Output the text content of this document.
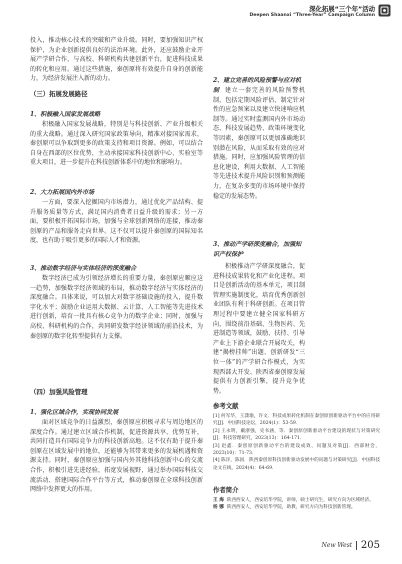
深化拓展“三个年”活动
Deepen Shaanxi “Three-Year” Campaign Column

投入，推动核心技术的突破和产业升级。同时，要加强知识产权保护，为企业创新提供良好的法治环境。此外，还应鼓励企业开展产学研合作，与高校、科研机构共建创新平台，促进科技成果的转化和应用。通过这些措施，秦创原将有效提升自身的创新能力，为经济发展注入新的动力。

（三）拓展发展路径

1、积极融入国家发展战略

积极融入国家发展战略，特别是与科技创新、产业升级相关的重大战略。通过深入研究国家政策导向，精准对接国家需求，秦创原可以争取到更多的政策支持和项目资源。例如，可以结合自身在西部的区位优势，主动承接国家科技创新中心、实验室等重大项目，进一步提升在科技创新体系中的地位和影响力。

2、大力拓展国内外市场

一方面，要深入挖掘国内市场潜力，通过优化产品结构、提升服务质量等方式，满足国内消费者日益升级的需求；另一方面，要积极开拓国际市场，加强与全球创新网络的连接，推动秦创原的产品和服务走向世界。这不仅可以提升秦创原的国际知名度，也有助于吸引更多的国际人才和资源。

3、推动数字经济与实体经济的深度融合

数字经济已成为引领经济增长的重要力量，秦创原应顺应这一趋势，加强数字经济领域的布局，推动数字经济与实体经济的深度融合。具体来说，可以加大对数字基础设施的投入，提升数字化水平；鼓励企业运用大数据、云计算、人工智能等先进技术进行创新，培育一批具有核心竞争力的数字企业；同时，加强与高校、科研机构的合作，共同研发数字经济领域的前沿技术，为秦创原的数字化转型提供有力支撑。

（四）加强风险管理

1、强化区域合作，实现协同发展

面对区域竞争的日益激烈，秦创原应积极寻求与周边地区的深度合作。通过建立区域合作机制，促进资源共享、优势互补，共同打造具有国际竞争力的科技创新高地。这不仅有助于提升秦创原在区域发展中的地位，还能够为其带来更多的发展机遇和资源支持。同时，秦创原应加强与国内外其他科技创新中心的交流合作，积极引进先进经验，拓宽发展视野，通过举办国际科技交流活动、搭建国际合作平台等方式，推动秦创原在全球科技创新网络中发挥更大的作用。

2、建立完善的风险预警与应对机制 建立一套完善的风险预警机制，包括定期风险评估、制定针对性的应急预案以及建立快速响应机制等。通过实时监测国内外市场动态、科技发展趋势、政策环境变化等因素，秦创原可以更加准确地识别潜在风险，从而采取有效的应对措施。同时，应加强风险管理的信息化建设，利用大数据、人工智能等先进技术提升风险识别和预测能力，在复杂多变的市场环境中保持稳定的发展态势。

3、推动产学研深度融合，加强知识产权保护

积极推动产学研深度融合，促进科技成果转化和产业化进程。项目是创新活动的基本单元，项目制管理实施制度化，培育优秀创新创业团队有利于科研创新。在项目管理过程中要建立健全国家科研方向，围绕前沿基础、生物医药、先进制造等领域，鼓励、扶持、引导产业上下游企业联合开展攻关，构建“揭榜挂帅”出题、创新研发“三位一体”的产学研合作模式，为实现西部大开发、陕西省秦创原发展提供有力创新引擎，提升竞争优势。

参考文献

[1] 何军华，王潇瑜，许文．科技成果转化机制在秦创原创新驱动平台中的应用研究[J]．中国科技论坛，2024(1)：53-59．

[2] 王永明，戴浙强，史书涵，等．秦创原创新驱动平台建设的现状与对策研究[J]．科技管理研究，2023(13)：164-171．

[3] 赵鑫．秦创原创新驱动平台的建设成效、问题及对策[J]．西部财会，2023(10)：71-73．

[4] 陈洋，陈国．陕西秦创原科技创新驱动发展中的问题与对策研究[J]．中国科技论文在线，2024(4)：64-69．

作者简介

王 海 陕西西安人，西安培华学院，讲师，硕士研究生，研究方向为区域经济。

杨 娜 陕西西安人，西安培华学院，助教，研究方向为科技创新管理。

New West 205
